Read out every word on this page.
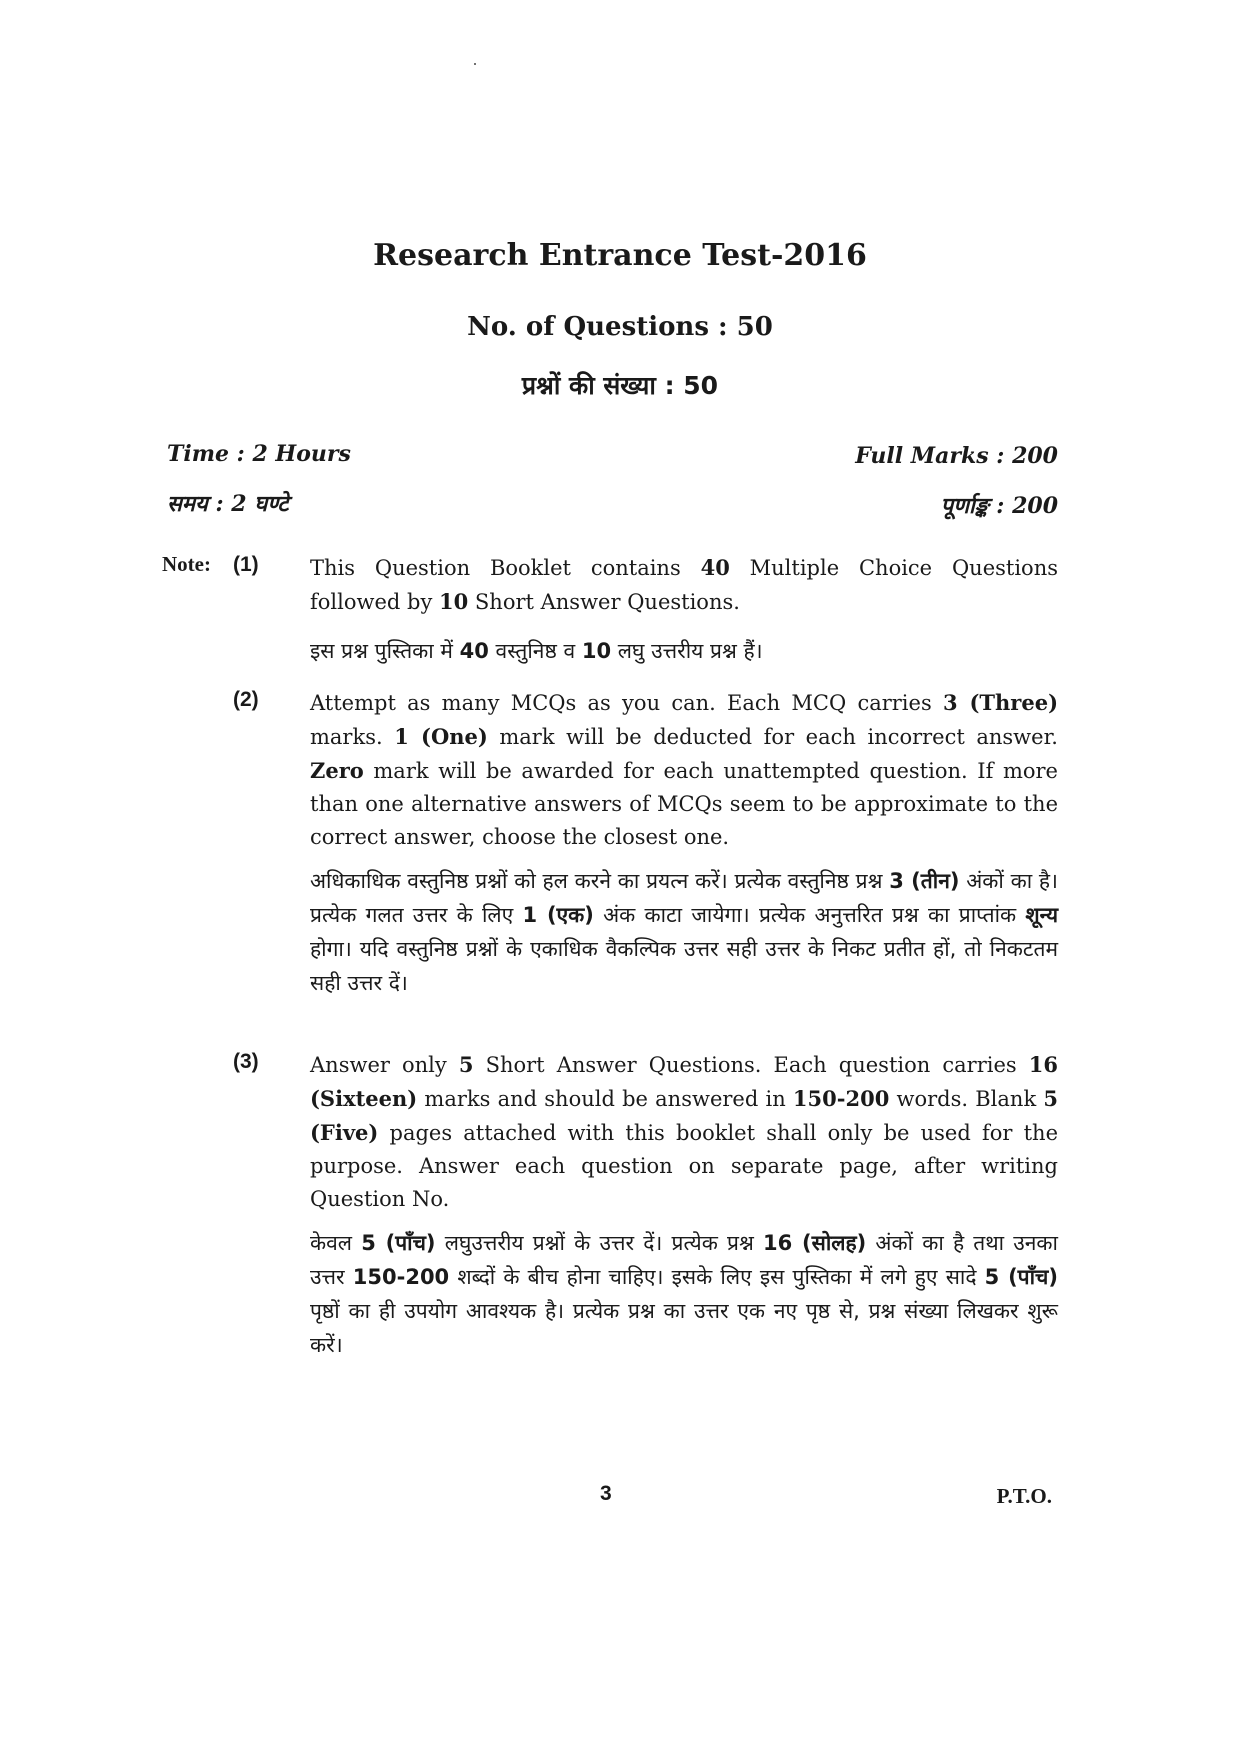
Research Entrance Test-2016
No. of Questions : 50
प्रश्नों की संख्या : 50
Time : 2 Hours
समय : 2 घण्टे
Full Marks : 200
पूर्णाङ्क : 200
Note: (1) This Question Booklet contains 40 Multiple Choice Questions followed by 10 Short Answer Questions.

इस प्रश्न पुस्तिका में 40 वस्तुनिष्ठ व 10 लघु उत्तरीय प्रश्न हैं।

(2) Attempt as many MCQs as you can. Each MCQ carries 3 (Three) marks. 1 (One) mark will be deducted for each incorrect answer. Zero mark will be awarded for each unattempted question. If more than one alternative answers of MCQs seem to be approximate to the correct answer, choose the closest one.

अधिकाधिक वस्तुनिष्ठ प्रश्नों को हल करने का प्रयत्न करें। प्रत्येक वस्तुनिष्ठ प्रश्न 3 (तीन) अंकों का है। प्रत्येक गलत उत्तर के लिए 1 (एक) अंक काटा जायेगा। प्रत्येक अनुत्तरित प्रश्न का प्राप्तांक शून्य होगा। यदि वस्तुनिष्ठ प्रश्नों के एकाधिक वैकल्पिक उत्तर सही उत्तर के निकट प्रतीत हों, तो निकटतम सही उत्तर दें।

(3) Answer only 5 Short Answer Questions. Each question carries 16 (Sixteen) marks and should be answered in 150-200 words. Blank 5 (Five) pages attached with this booklet shall only be used for the purpose. Answer each question on separate page, after writing Question No.

केवल 5 (पाँच) लघुउत्तरीय प्रश्नों के उत्तर दें। प्रत्येक प्रश्न 16 (सोलह) अंकों का है तथा उनका उत्तर 150-200 शब्दों के बीच होना चाहिए। इसके लिए इस पुस्तिका में लगे हुए सादे 5 (पाँच) पृष्ठों का ही उपयोग आवश्यक है। प्रत्येक प्रश्न का उत्तर एक नए पृष्ठ से, प्रश्न संख्या लिखकर शुरू करें।

3	P.T.O.
